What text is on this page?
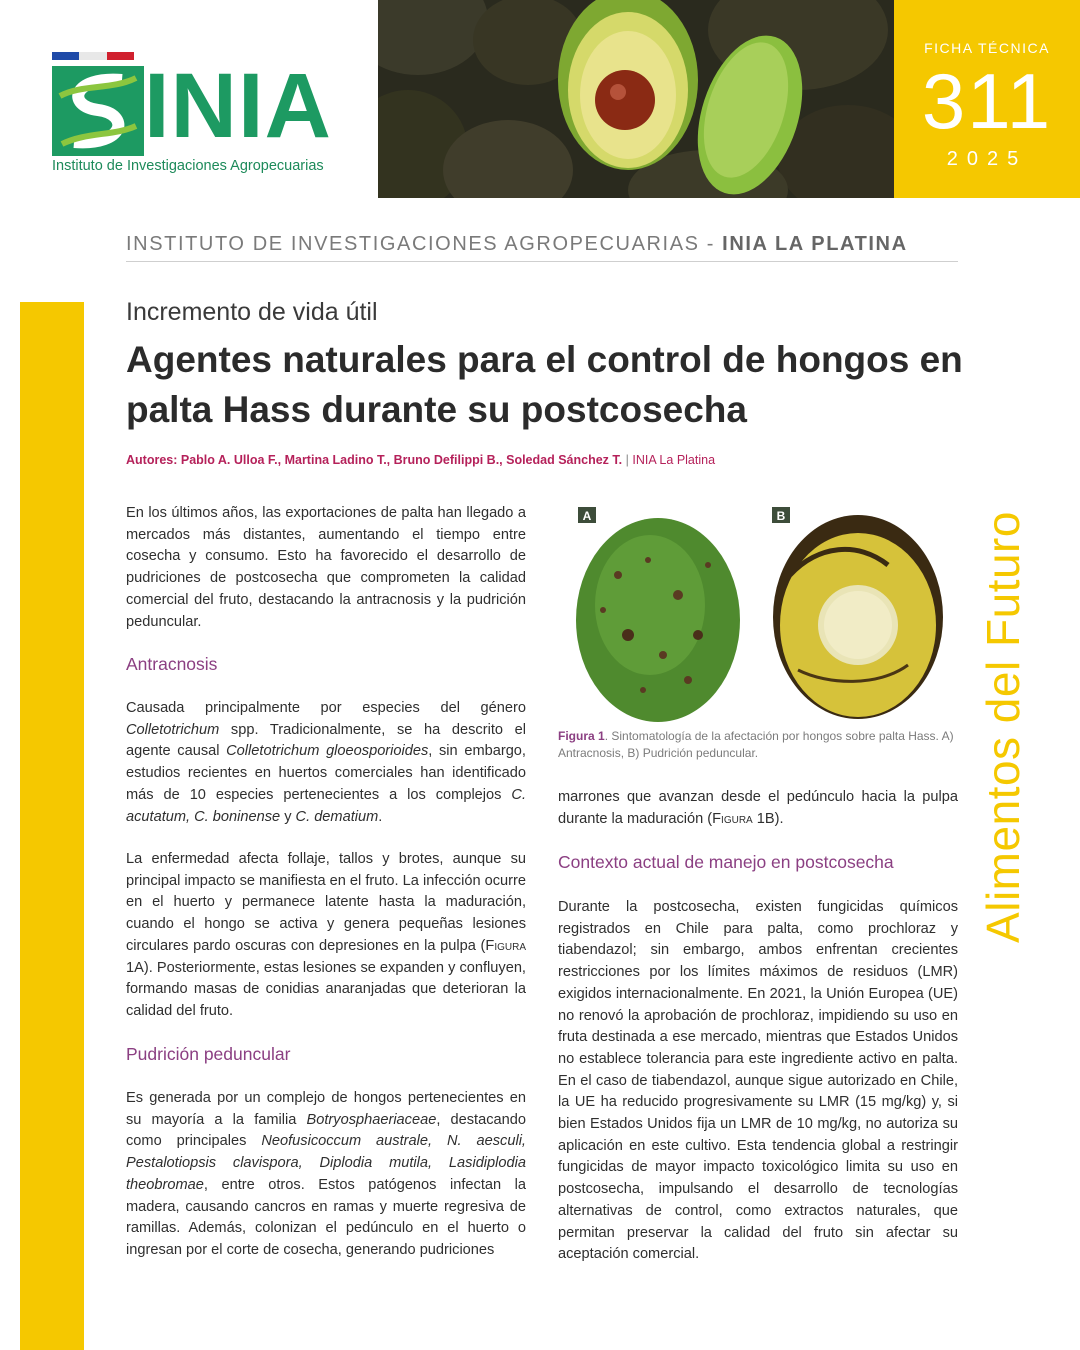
INIA
Instituto de Investigaciones Agropecuarias
FICHA TÉCNICA
311
2025
INSTITUTO DE INVESTIGACIONES AGROPECUARIAS - INIA LA PLATINA
Incremento de vida útil
Agentes naturales para el control de hongos en palta Hass durante su postcosecha
Autores: Pablo A. Ulloa F., Martina Ladino T., Bruno Defilippi B., Soledad Sánchez T. | INIA La Platina
Alimentos del Futuro
En los últimos años, las exportaciones de palta han llegado a mercados más distantes, aumentando el tiempo entre cosecha y consumo. Esto ha favorecido el desarrollo de pudriciones de postcosecha que comprometen la calidad comercial del fruto, destacando la antracnosis y la pudrición peduncular.
Antracnosis
Causada principalmente por especies del género Colletotrichum spp. Tradicionalmente, se ha descrito el agente causal Colletotrichum gloeosporioides, sin embargo, estudios recientes en huertos comerciales han identificado más de 10 especies pertenecientes a los complejos C. acutatum, C. boninense y C. dematium.
La enfermedad afecta follaje, tallos y brotes, aunque su principal impacto se manifiesta en el fruto. La infección ocurre en el huerto y permanece latente hasta la maduración, cuando el hongo se activa y genera pequeñas lesiones circulares pardo oscuras con depresiones en la pulpa (Figura 1A). Posteriormente, estas lesiones se expanden y confluyen, formando masas de conidias anaranjadas que deterioran la calidad del fruto.
Pudrición peduncular
Es generada por un complejo de hongos pertenecientes en su mayoría a la familia Botryosphaeriaceae, destacando como principales Neofusicoccum australe, N. aesculi, Pestalotiopsis clavispora, Diplodia mutila, Lasidiplodia theobromae, entre otros. Estos patógenos infectan la madera, causando cancros en ramas y muerte regresiva de ramillas. Además, colonizan el pedúnculo en el huerto o ingresan por el corte de cosecha, generando pudriciones
A	B
Figura 1. Sintomatología de la afectación por hongos sobre palta Hass. A) Antracnosis, B) Pudrición peduncular.
marrones que avanzan desde el pedúnculo hacia la pulpa durante la maduración (Figura 1B).
Contexto actual de manejo en postcosecha
Durante la postcosecha, existen fungicidas químicos registrados en Chile para palta, como prochloraz y tiabendazol; sin embargo, ambos enfrentan crecientes restricciones por los límites máximos de residuos (LMR) exigidos internacionalmente. En 2021, la Unión Europea (UE) no renovó la aprobación de prochloraz, impidiendo su uso en fruta destinada a ese mercado, mientras que Estados Unidos no establece tolerancia para este ingrediente activo en palta. En el caso de tiabendazol, aunque sigue autorizado en Chile, la UE ha reducido progresivamente su LMR (15 mg/kg) y, si bien Estados Unidos fija un LMR de 10 mg/kg, no autoriza su aplicación en este cultivo. Esta tendencia global a restringir fungicidas de mayor impacto toxicológico limita su uso en postcosecha, impulsando el desarrollo de tecnologías alternativas de control, como extractos naturales, que permitan preservar la calidad del fruto sin afectar su aceptación comercial.
